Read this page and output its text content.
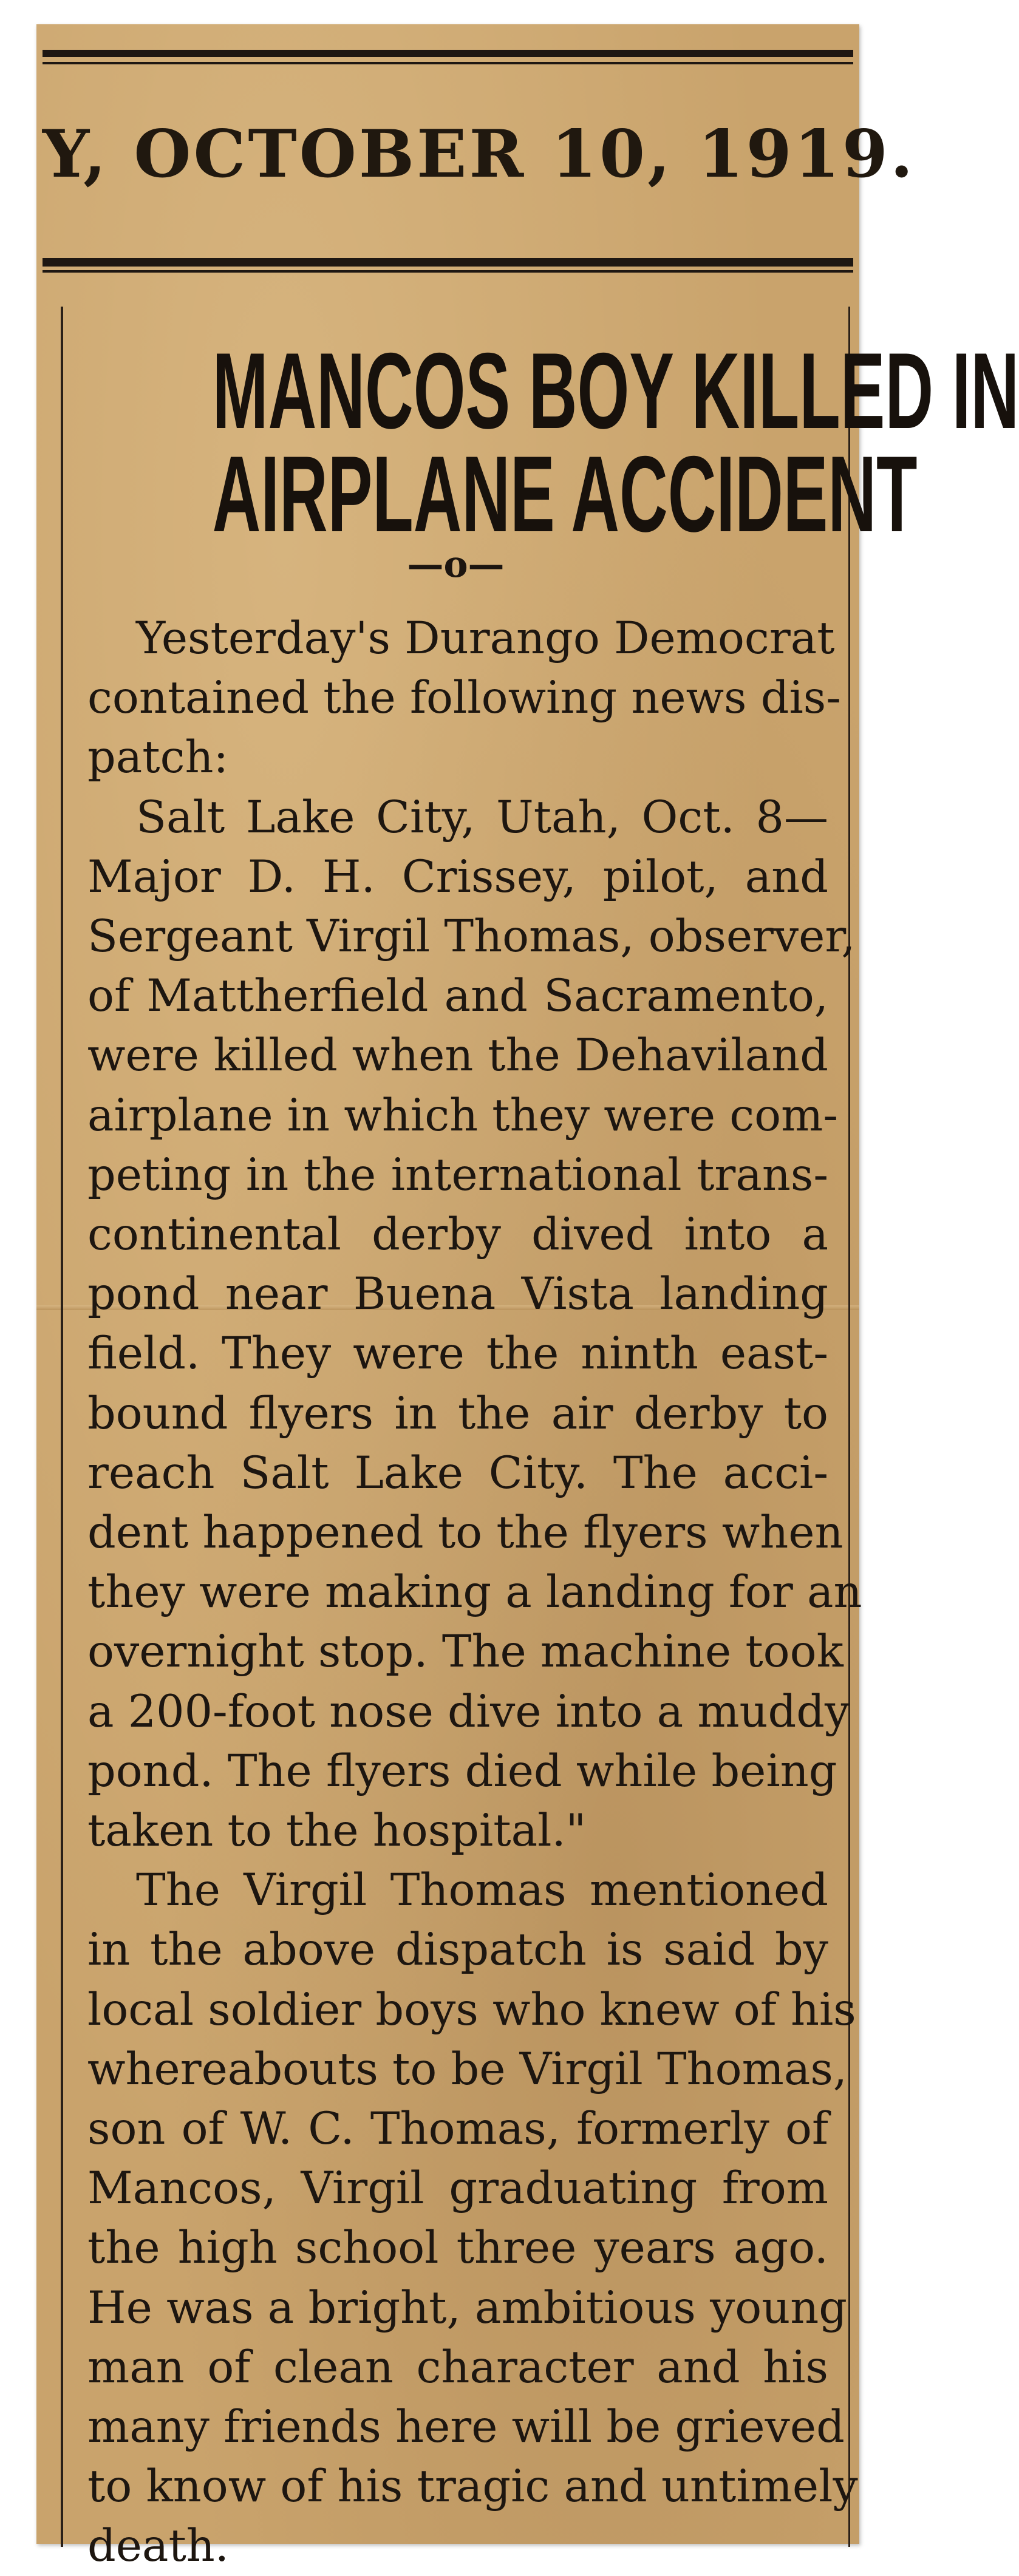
Y, OCTOBER 10, 1919.
MANCOS BOY KILLED IN
AIRPLANE ACCIDENT
—o—
Yesterday's Durango Democrat
contained the following news dis-
patch:
Salt Lake City, Utah, Oct. 8—
Major D. H. Crissey, pilot, and
Sergeant Virgil Thomas, observer,
of Mattherfield and Sacramento,
were killed when the Dehaviland
airplane in which they were com-
peting in the international trans-
continental derby dived into a
pond near Buena Vista landing
field. They were the ninth east-
bound flyers in the air derby to
reach Salt Lake City. The acci-
dent happened to the flyers when
they were making a landing for an
overnight stop. The machine took
a 200-foot nose dive into a muddy
pond. The flyers died while being
taken to the hospital."
The Virgil Thomas mentioned
in the above dispatch is said by
local soldier boys who knew of his
whereabouts to be Virgil Thomas,
son of W. C. Thomas, formerly of
Mancos, Virgil graduating from
the high school three years ago.
He was a bright, ambitious young
man of clean character and his
many friends here will be grieved
to know of his tragic and untimely
death.
